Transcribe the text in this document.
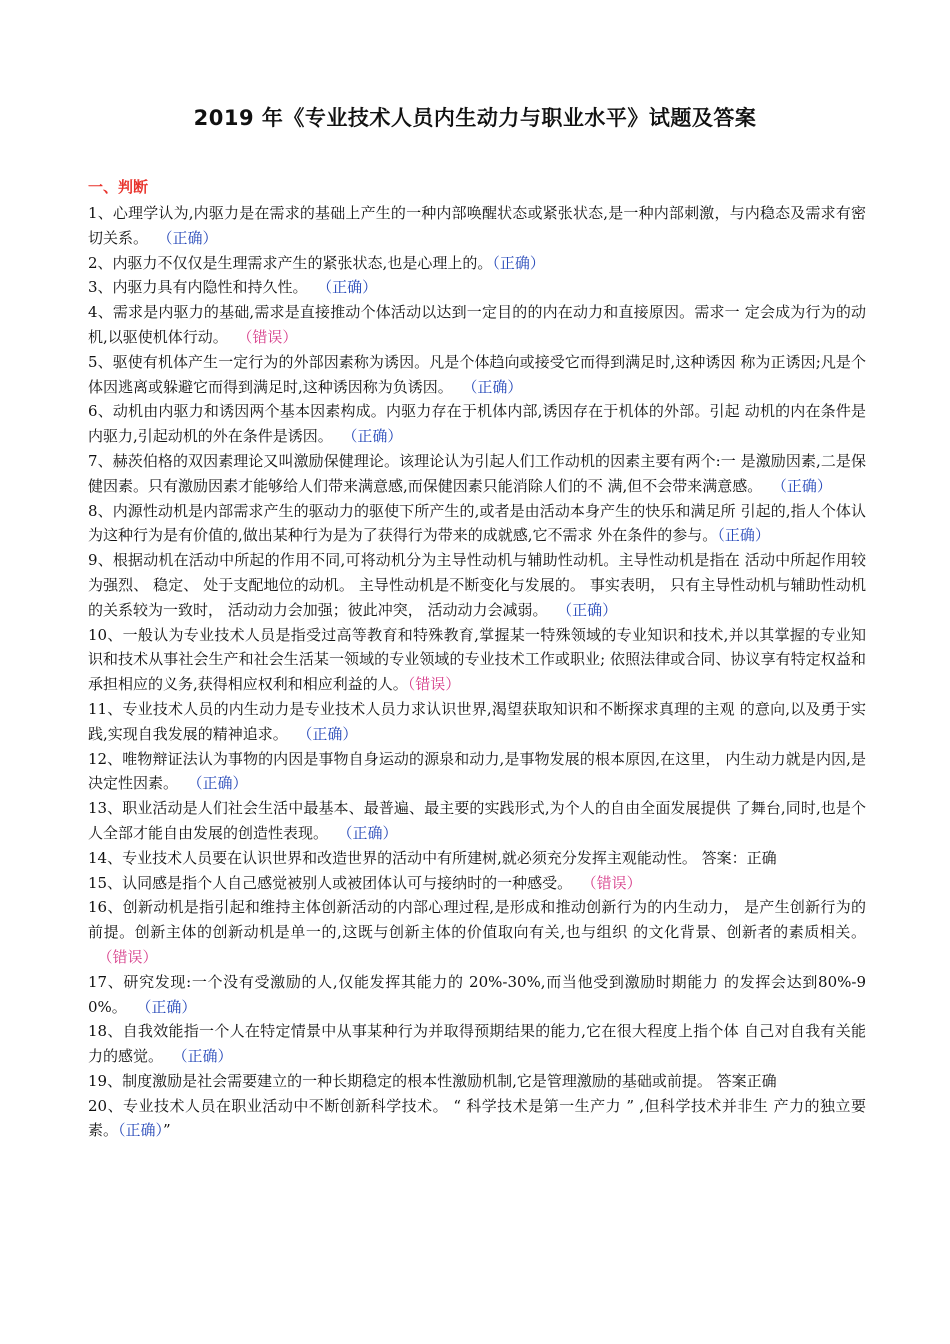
2019 年《专业技术人员内生动力与职业水平》试题及答案
一、判断
1、心理学认为,内驱力是在需求的基础上产生的一种内部唤醒状态或紧张状态,是一种内部刺激，与内稳态及需求有密切关系。  （正确）
2、内驱力不仅仅是生理需求产生的紧张状态,也是心理上的。（正确）
3、内驱力具有内隐性和持久性。  （正确）
4、需求是内驱力的基础,需求是直接推动个体活动以达到一定目的的内在动力和直接原因。需求一 定会成为行为的动机,以驱使机体行动。  （错误）
5、驱使有机体产生一定行为的外部因素称为诱因。凡是个体趋向或接受它而得到满足时,这种诱因 称为正诱因;凡是个体因逃离或躲避它而得到满足时,这种诱因称为负诱因。  （正确）
6、动机由内驱力和诱因两个基本因素构成。内驱力存在于机体内部,诱因存在于机体的外部。引起 动机的内在条件是内驱力,引起动机的外在条件是诱因。  （正确）
7、赫茨伯格的双因素理论又叫激励保健理论。该理论认为引起人们工作动机的因素主要有两个:一 是激励因素,二是保健因素。只有激励因素才能够给人们带来满意感,而保健因素只能消除人们的不 满,但不会带来满意感。  （正确）
8、内源性动机是内部需求产生的驱动力的驱使下所产生的,或者是由活动本身产生的快乐和满足所 引起的,指人个体认为这种行为是有价值的,做出某种行为是为了获得行为带来的成就感,它不需求 外在条件的参与。（正确）
9、根据动机在活动中所起的作用不同,可将动机分为主导性动机与辅助性动机。主导性动机是指在 活动中所起作用较为强烈、 稳定、 处于支配地位的动机。 主导性动机是不断变化与发展的。 事实表明， 只有主导性动机与辅助性动机的关系较为一致时， 活动动力会加强；彼此冲突， 活动动力会减弱。  （正确）
10、一般认为专业技术人员是指受过高等教育和特殊教育,掌握某一特殊领域的专业知识和技术,并以其掌握的专业知识和技术从事社会生产和社会生活某一领域的专业领域的专业技术工作或职业; 依照法律或合同、协议享有特定权益和承担相应的义务,获得相应权利和相应利益的人。（错误）
11、专业技术人员的内生动力是专业技术人员力求认识世界,渴望获取知识和不断探求真理的主观 的意向,以及勇于实践,实现自我发展的精神追求。  （正确）
12、唯物辩证法认为事物的内因是事物自身运动的源泉和动力,是事物发展的根本原因,在这里， 内生动力就是内因,是决定性因素。  （正确）
13、职业活动是人们社会生活中最基本、最普遍、最主要的实践形式,为个人的自由全面发展提供 了舞台,同时,也是个人全部才能自由发展的创造性表现。  （正确）
14、专业技术人员要在认识世界和改造世界的活动中有所建树,就必须充分发挥主观能动性。 答案：正确
15、认同感是指个人自己感觉被别人或被团体认可与接纳时的一种感受。  （错误）
16、创新动机是指引起和维持主体创新活动的内部心理过程,是形成和推动创新行为的内生动力， 是产生创新行为的前提。创新主体的创新动机是单一的,这既与创新主体的价值取向有关,也与组织 的文化背景、创新者的素质相关。  （错误）
17、研究发现:一个没有受激励的人,仅能发挥其能力的 20%-30%,而当他受到激励时期能力 的发挥会达到80%-90%。  （正确）
18、自我效能指一个人在特定情景中从事某种行为并取得预期结果的能力,它在很大程度上指个体 自己对自我有关能力的感觉。  （正确）
19、制度激励是社会需要建立的一种长期稳定的根本性激励机制,它是管理激励的基础或前提。 答案正确
20、专业技术人员在职业活动中不断创新科学技术。 “ 科学技术是第一生产力 ” ,但科学技术并非生 产力的独立要素。（正确）”
